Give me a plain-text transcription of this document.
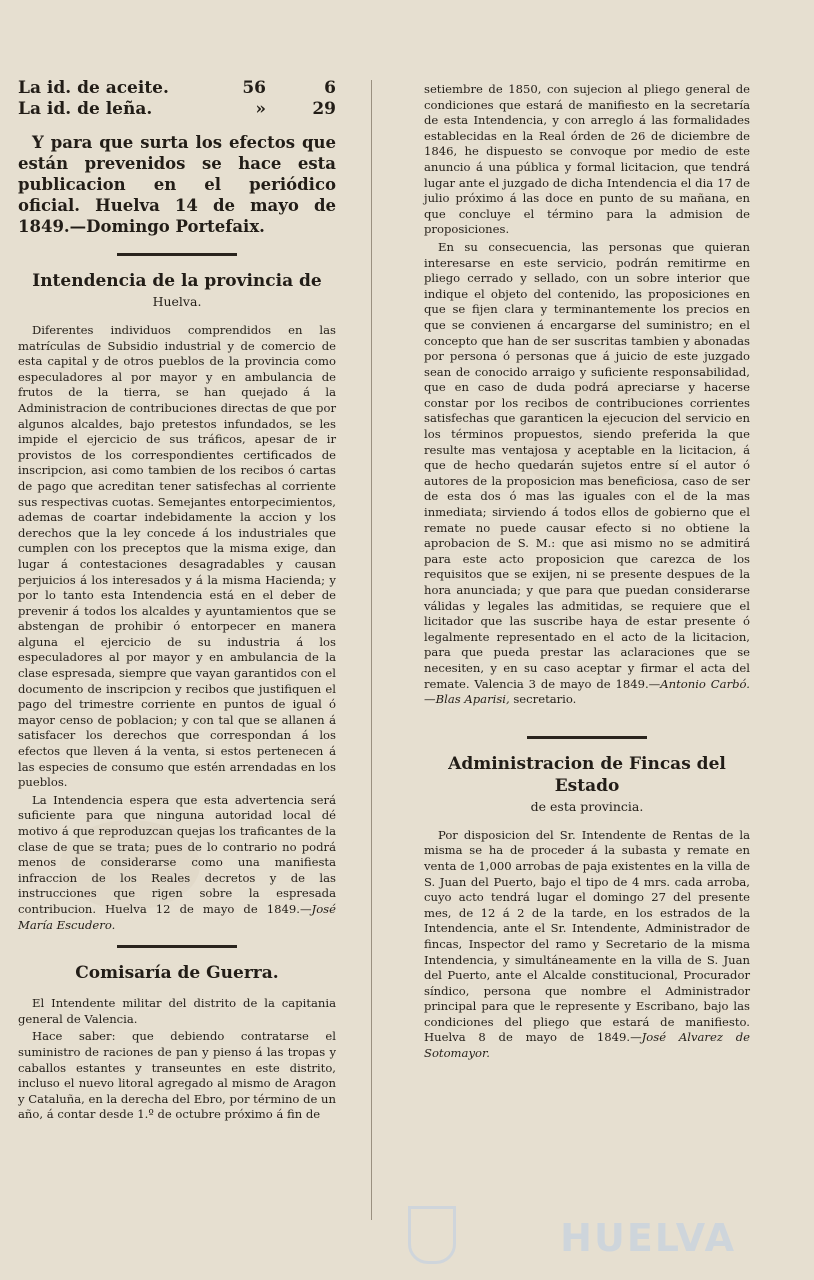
La id. de aceite.	56	6
La id. de leña.	»	29

Y para que surta los efectos que están prevenidos se hace esta publicacion en el periódico oficial. Huelva 14 de mayo de 1849.—Domingo Portefaix.

Intendencia de la provincia de
Huelva.

Diferentes individuos comprendidos en las matrículas de Subsidio industrial y de comercio de esta capital y de otros pueblos de la provincia como especuladores al por mayor y en ambulancia de frutos de la tierra, se han quejado á la Administracion de contribuciones directas de que por algunos alcaldes, bajo pretestos infundados, se les impide el ejercicio de sus tráficos, apesar de ir provistos de los correspondientes certificados de inscripcion, asi como tambien de los recibos ó cartas de pago que acreditan tener satisfechas al corriente sus respectivas cuotas. Semejantes entorpecimientos, ademas de coartar indebidamente la accion y los derechos que la ley concede á los industriales que cumplen con los preceptos que la misma exige, dan lugar á contestaciones desagradables y causan perjuicios á los interesados y á la misma Hacienda; y por lo tanto esta Intendencia está en el deber de prevenir á todos los alcaldes y ayuntamientos que se abstengan de prohibir ó entorpecer en manera alguna el ejercicio de su industria á los especuladores al por mayor y en ambulancia de la clase espresada, siempre que vayan garantidos con el documento de inscripcion y recibos que justifiquen el pago del trimestre corriente en puntos de igual ó mayor censo de poblacion; y con tal que se allanen á satisfacer los derechos que correspondan á los efectos que lleven á la venta, si estos pertenecen á las especies de consumo que estén arrendadas en los pueblos.

La Intendencia espera que esta advertencia será suficiente para que ninguna autoridad local dé motivo á que reproduzcan quejas los traficantes de la clase de que se trata; pues de lo contrario no podrá menos de considerarse como una manifiesta infraccion de los Reales decretos y de las instrucciones que rigen sobre la espresada contribucion. Huelva 12 de mayo de 1849.—José María Escudero.

Comisaría de Guerra.

El Intendente militar del distrito de la capitania general de Valencia.

Hace saber: que debiendo contratarse el suministro de raciones de pan y pienso á las tropas y caballos estantes y transeuntes en este distrito, incluso el nuevo litoral agregado al mismo de Aragon y Cataluña, en la derecha del Ebro, por término de un año, á contar desde 1.º de octubre próximo á fin de

setiembre de 1850, con sujecion al pliego general de condiciones que estará de manifiesto en la secretaría de esta Intendencia, y con arreglo á las formalidades establecidas en la Real órden de 26 de diciembre de 1846, he dispuesto se convoque por medio de este anuncio á una pública y formal licitacion, que tendrá lugar ante el juzgado de dicha Intendencia el dia 17 de julio próximo á las doce en punto de su mañana, en que concluye el término para la admision de proposiciones.

En su consecuencia, las personas que quieran interesarse en este servicio, podrán remitirme en pliego cerrado y sellado, con un sobre interior que indique el objeto del contenido, las proposiciones en que se fijen clara y terminantemente los precios en que se convienen á encargarse del suministro; en el concepto que han de ser suscritas tambien y abonadas por persona ó personas que á juicio de este juzgado sean de conocido arraigo y suficiente responsabilidad, que en caso de duda podrá apreciarse y hacerse constar por los recibos de contribuciones corrientes satisfechas que garanticen la ejecucion del servicio en los términos propuestos, siendo preferida la que resulte mas ventajosa y aceptable en la licitacion, á que de hecho quedarán sujetos entre sí el autor ó autores de la proposicion mas beneficiosa, caso de ser de esta dos ó mas las iguales con el de la mas inmediata; sirviendo á todos ellos de gobierno que el remate no puede causar efecto si no obtiene la aprobacion de S. M.: que asi mismo no se admitirá para este acto proposicion que carezca de los requisitos que se exijen, ni se presente despues de la hora anunciada; y que para que puedan considerarse válidas y legales las admitidas, se requiere que el licitador que las suscribe haya de estar presente ó legalmente representado en el acto de la licitacion, para que pueda prestar las aclaraciones que se necesiten, y en su caso aceptar y firmar el acta del remate. Valencia 3 de mayo de 1849.—Antonio Carbó.—Blas Aparisi, secretario.

Administracion de Fincas del Estado
de esta provincia.

Por disposicion del Sr. Intendente de Rentas de la misma se ha de proceder á la subasta y remate en venta de 1,000 arrobas de paja existentes en la villa de S. Juan del Puerto, bajo el tipo de 4 mrs. cada arroba, cuyo acto tendrá lugar el domingo 27 del presente mes, de 12 á 2 de la tarde, en los estrados de la Intendencia, ante el Sr. Intendente, Administrador de fincas, Inspector del ramo y Secretario de la misma Intendencia, y simultáneamente en la villa de S. Juan del Puerto, ante el Alcalde constitucional, Procurador síndico, persona que nombre el Administrador principal para que le represente y Escribano, bajo las condiciones del pliego que estará de manifiesto. Huelva 8 de mayo de 1849.—José Alvarez de Sotomayor.

HUELVA
